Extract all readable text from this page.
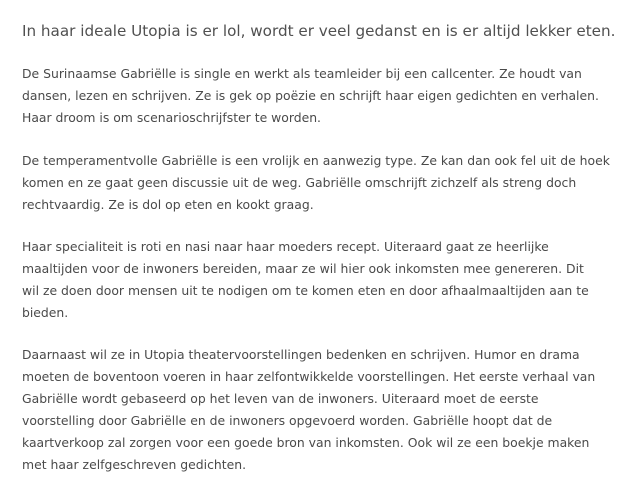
In haar ideale Utopia is er lol, wordt er veel gedanst en is er altijd lekker eten.

De Surinaamse Gabriëlle is single en werkt als teamleider bij een callcenter. Ze houdt van
dansen, lezen en schrijven. Ze is gek op poëzie en schrijft haar eigen gedichten en verhalen.
Haar droom is om scenarioschrijfster te worden.

De temperamentvolle Gabriëlle is een vrolijk en aanwezig type. Ze kan dan ook fel uit de hoek
komen en ze gaat geen discussie uit de weg. Gabriëlle omschrijft zichzelf als streng doch
rechtvaardig. Ze is dol op eten en kookt graag.

Haar specialiteit is roti en nasi naar haar moeders recept. Uiteraard gaat ze heerlijke
maaltijden voor de inwoners bereiden, maar ze wil hier ook inkomsten mee genereren. Dit
wil ze doen door mensen uit te nodigen om te komen eten en door afhaalmaaltijden aan te
bieden.

Daarnaast wil ze in Utopia theatervoorstellingen bedenken en schrijven. Humor en drama
moeten de boventoon voeren in haar zelfontwikkelde voorstellingen. Het eerste verhaal van
Gabriëlle wordt gebaseerd op het leven van de inwoners. Uiteraard moet de eerste
voorstelling door Gabriëlle en de inwoners opgevoerd worden. Gabriëlle hoopt dat de
kaartverkoop zal zorgen voor een goede bron van inkomsten. Ook wil ze een boekje maken
met haar zelfgeschreven gedichten.
